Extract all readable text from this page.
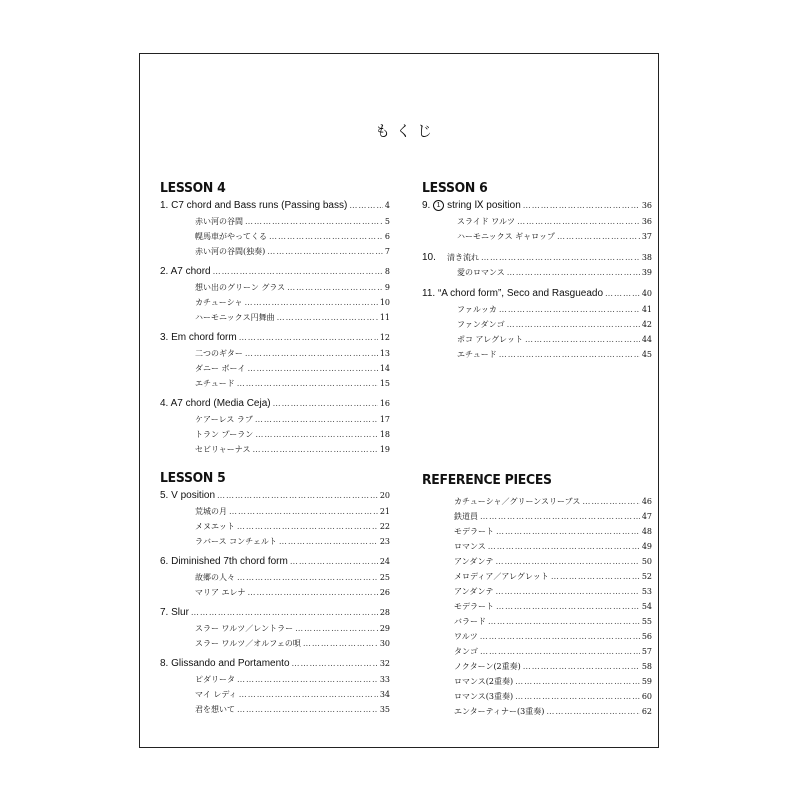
もくじ
LESSON 4
1. C7 chord and Bass runs (Passing bass) …………………………………………………………………………………………………………………	4
赤い河の谷間 …………………………………………………………………………………………………………………	5
幌馬車がやってくる …………………………………………………………………………………………………………………	6
赤い河の谷間(独奏) …………………………………………………………………………………………………………………	7
2. A7 chord …………………………………………………………………………………………………………………	8
想い出のグリーン グラス …………………………………………………………………………………………………………………	9
カチューシャ …………………………………………………………………………………………………………………	10
ハーモニックス円舞曲 …………………………………………………………………………………………………………………	11
3. Em chord form …………………………………………………………………………………………………………………	12
二つのギター …………………………………………………………………………………………………………………	13
ダニー ボーイ …………………………………………………………………………………………………………………	14
エチュード …………………………………………………………………………………………………………………	15
4. A7 chord (Media Ceja) …………………………………………………………………………………………………………………	16
ケアーレス ラブ …………………………………………………………………………………………………………………	17
トラン プーラン …………………………………………………………………………………………………………………	18
セビリャーナス …………………………………………………………………………………………………………………	19
LESSON 5
5. V position …………………………………………………………………………………………………………………	20
荒城の月 …………………………………………………………………………………………………………………	21
メヌエット …………………………………………………………………………………………………………………	22
ラバース コンチェルト …………………………………………………………………………………………………………………	23
6. Diminished 7th chord form …………………………………………………………………………………………………………………	24
故郷の人々 …………………………………………………………………………………………………………………	25
マリア エレナ …………………………………………………………………………………………………………………	26
7. Slur …………………………………………………………………………………………………………………	28
スラー ワルツ／レントラー …………………………………………………………………………………………………………………	29
スラー ワルツ／オルフェの唄 …………………………………………………………………………………………………………………	30
8. Glissando and Portamento …………………………………………………………………………………………………………………	32
ピダリータ …………………………………………………………………………………………………………………	33
マイ レディ …………………………………………………………………………………………………………………	34
君を想いて …………………………………………………………………………………………………………………	35
LESSON 6
9. 1 string Ⅸ position …………………………………………………………………………………………………………………	36
スライド ワルツ …………………………………………………………………………………………………………………	36
ハーモニックス ギャロップ …………………………………………………………………………………………………………………	37
10. 清き流れ …………………………………………………………………………………………………………………	38
愛のロマンス …………………………………………………………………………………………………………………	39
11. “A chord form”, Seco and Rasgueado …………………………………………………………………………………………………………………	40
ファルッカ …………………………………………………………………………………………………………………	41
ファンダンゴ …………………………………………………………………………………………………………………	42
ポコ アレグレット …………………………………………………………………………………………………………………	44
エチュード …………………………………………………………………………………………………………………	45
REFERENCE PIECES
カチューシャ／グリーンスリーブス …………………………………………………………………………………………………………………	46
鉄道員 …………………………………………………………………………………………………………………	47
モデラート …………………………………………………………………………………………………………………	48
ロマンス …………………………………………………………………………………………………………………	49
アンダンテ …………………………………………………………………………………………………………………	50
メロディア／アレグレット …………………………………………………………………………………………………………………	52
アンダンテ …………………………………………………………………………………………………………………	53
モデラート …………………………………………………………………………………………………………………	54
バラード …………………………………………………………………………………………………………………	55
ワルツ …………………………………………………………………………………………………………………	56
タンゴ …………………………………………………………………………………………………………………	57
ノクターン(2重奏) …………………………………………………………………………………………………………………	58
ロマンス(2重奏) …………………………………………………………………………………………………………………	59
ロマンス(3重奏) …………………………………………………………………………………………………………………	60
エンターティナー(3重奏) …………………………………………………………………………………………………………………	62
